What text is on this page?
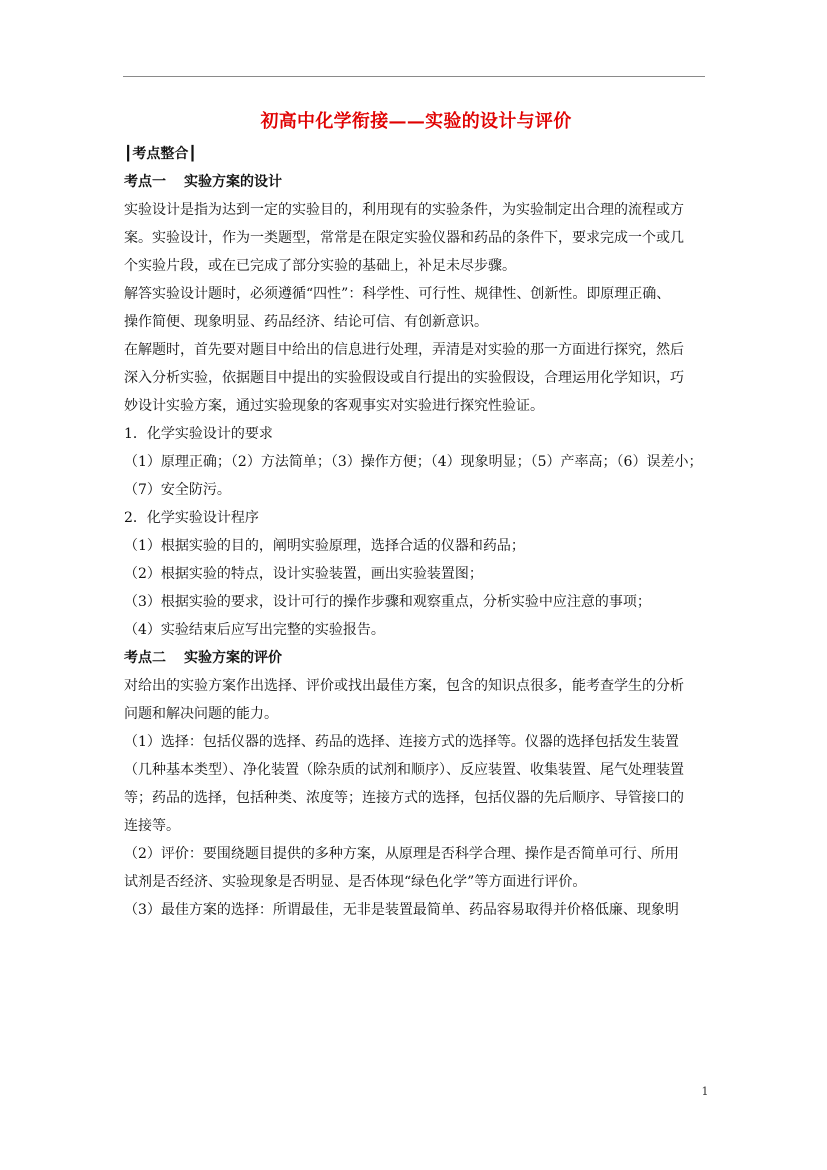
初高中化学衔接——实验的设计与评价

┃考点整合┃

考点一 实验方案的设计

实验设计是指为达到一定的实验目的，利用现有的实验条件，为实验制定出合理的流程或方

案。实验设计，作为一类题型，常常是在限定实验仪器和药品的条件下，要求完成一个或几

个实验片段，或在已完成了部分实验的基础上，补足未尽步骤。

解答实验设计题时，必须遵循“四性”：科学性、可行性、规律性、创新性。即原理正确、

操作简便、现象明显、药品经济、结论可信、有创新意识。

在解题时，首先要对题目中给出的信息进行处理，弄清是对实验的那一方面进行探究，然后

深入分析实验，依据题目中提出的实验假设或自行提出的实验假设，合理运用化学知识，巧

妙设计实验方案，通过实验现象的客观事实对实验进行探究性验证。

1．化学实验设计的要求

（1）原理正确；（2）方法简单；（3）操作方便；（4）现象明显；（5）产率高；（6）误差小；

（7）安全防污。

2．化学实验设计程序

（1）根据实验的目的，阐明实验原理，选择合适的仪器和药品；

（2）根据实验的特点，设计实验装置，画出实验装置图；

（3）根据实验的要求，设计可行的操作步骤和观察重点，分析实验中应注意的事项；

（4）实验结束后应写出完整的实验报告。

考点二 实验方案的评价

对给出的实验方案作出选择、评价或找出最佳方案，包含的知识点很多，能考查学生的分析

问题和解决问题的能力。

（1）选择：包括仪器的选择、药品的选择、连接方式的选择等。仪器的选择包括发生装置

（几种基本类型）、净化装置（除杂质的试剂和顺序）、反应装置、收集装置、尾气处理装置

等；药品的选择，包括种类、浓度等；连接方式的选择，包括仪器的先后顺序、导管接口的

连接等。

（2）评价：要围绕题目提供的多种方案，从原理是否科学合理、操作是否简单可行、所用

试剂是否经济、实验现象是否明显、是否体现“绿色化学”等方面进行评价。

（3）最佳方案的选择：所谓最佳，无非是装置最简单、药品容易取得并价格低廉、现象明

1
